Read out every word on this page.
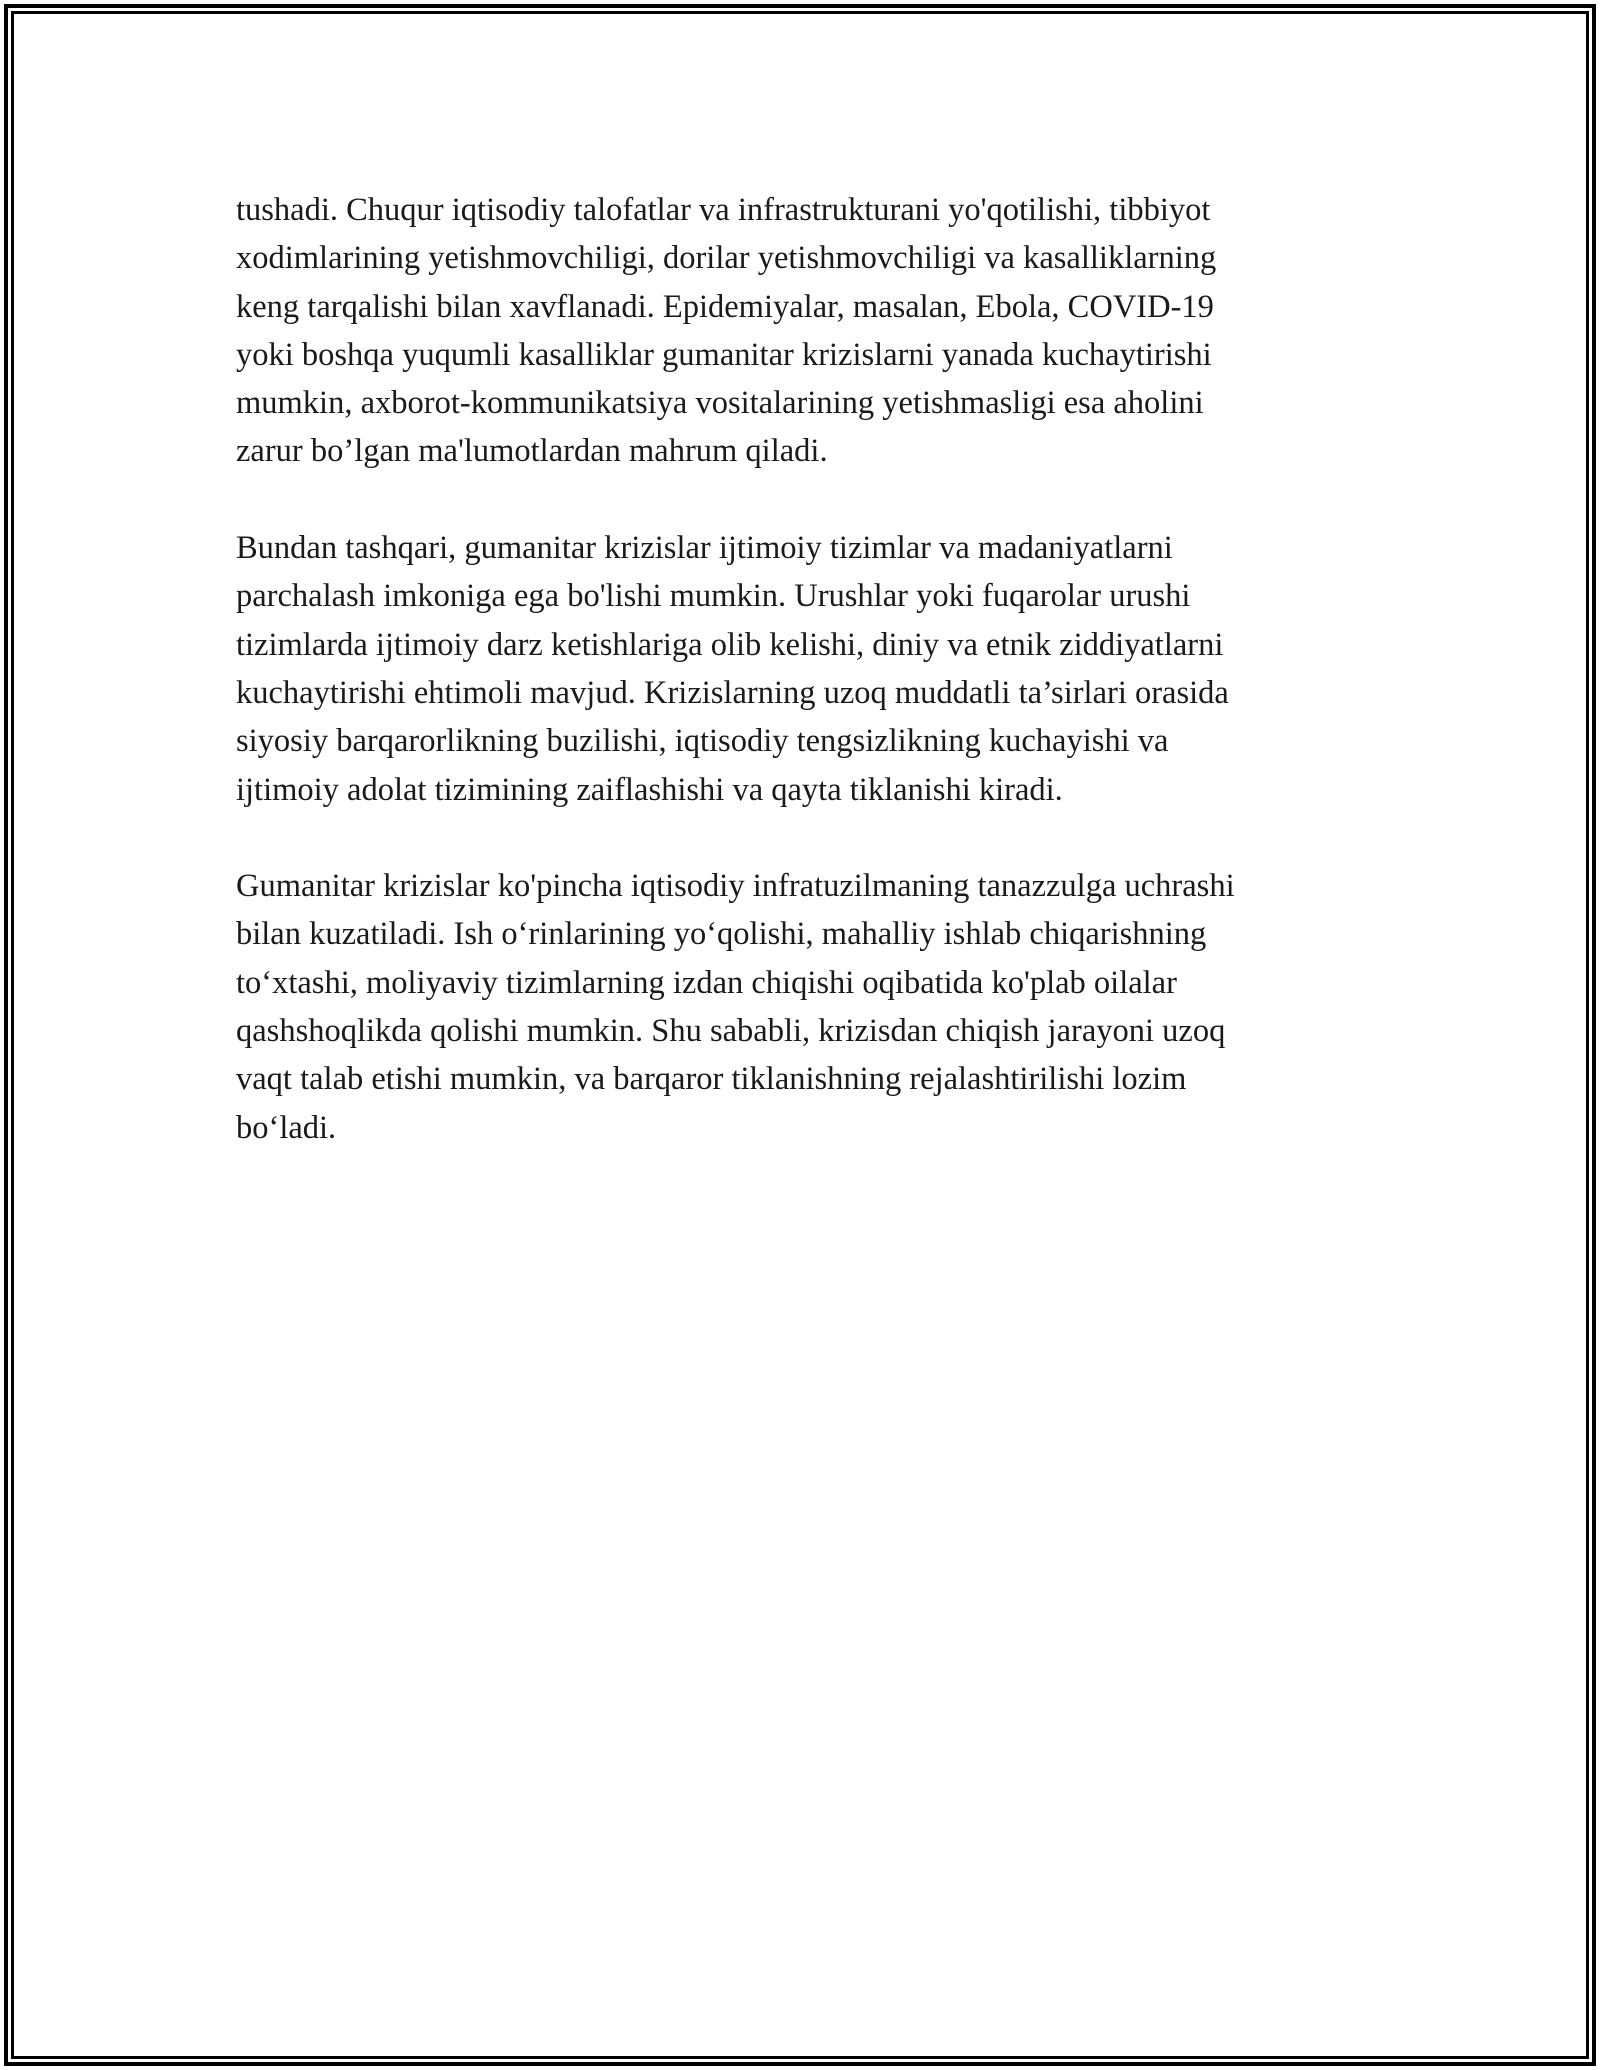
tushadi. Chuqur iqtisodiy talofatlar va infrastrukturani yo'qotilishi, tibbiyot
xodimlarining yetishmovchiligi, dorilar yetishmovchiligi va kasalliklarning
keng tarqalishi bilan xavflanadi. Epidemiyalar, masalan, Ebola, COVID-19
yoki boshqa yuqumli kasalliklar gumanitar krizislarni yanada kuchaytirishi
mumkin, axborot-kommunikatsiya vositalarining yetishmasligi esa aholini
zarur bo’lgan ma'lumotlardan mahrum qiladi.

Bundan tashqari, gumanitar krizislar ijtimoiy tizimlar va madaniyatlarni
parchalash imkoniga ega bo'lishi mumkin. Urushlar yoki fuqarolar urushi
tizimlarda ijtimoiy darz ketishlariga olib kelishi, diniy va etnik ziddiyatlarni
kuchaytirishi ehtimoli mavjud. Krizislarning uzoq muddatli ta’sirlari orasida
siyosiy barqarorlikning buzilishi, iqtisodiy tengsizlikning kuchayishi va
ijtimoiy adolat tizimining zaiflashishi va qayta tiklanishi kiradi.

Gumanitar krizislar ko'pincha iqtisodiy infratuzilmaning tanazzulga uchrashi
bilan kuzatiladi. Ish o‘rinlarining yo‘qolishi, mahalliy ishlab chiqarishning
to‘xtashi, moliyaviy tizimlarning izdan chiqishi oqibatida ko'plab oilalar
qashshoqlikda qolishi mumkin. Shu sababli, krizisdan chiqish jarayoni uzoq
vaqt talab etishi mumkin, va barqaror tiklanishning rejalashtirilishi lozim
bo‘ladi.
